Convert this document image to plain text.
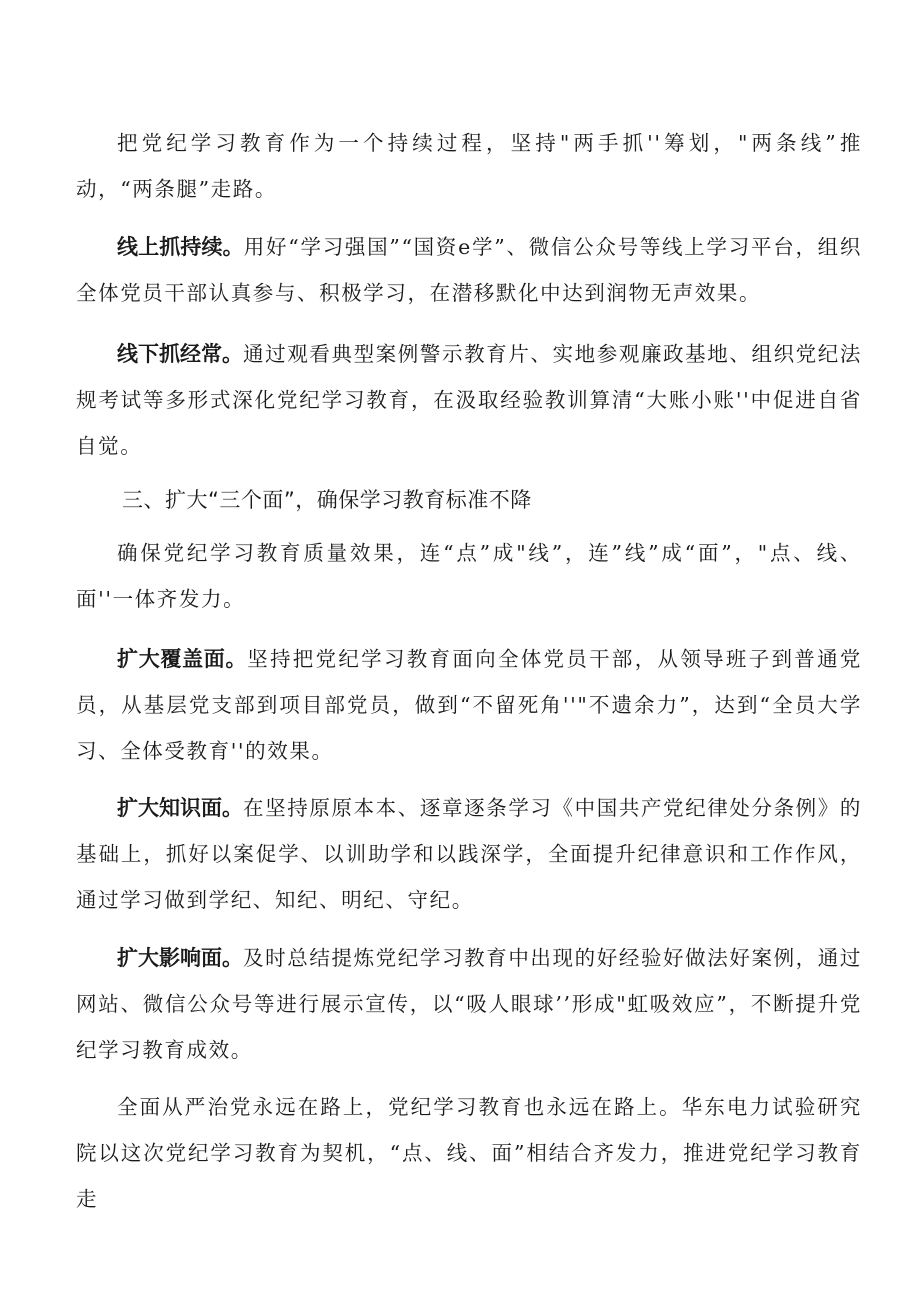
把党纪学习教育作为一个持续过程，坚持"两手抓''筹划，"两条线”推动，“两条腿”走路。

线上抓持续。用好“学习强国”“国资e学”、微信公众号等线上学习平台，组织全体党员干部认真参与、积极学习，在潜移默化中达到润物无声效果。

线下抓经常。通过观看典型案例警示教育片、实地参观廉政基地、组织党纪法规考试等多形式深化党纪学习教育，在汲取经验教训算清“大账小账''中促进自省自觉。

三、扩大“三个面”，确保学习教育标准不降

确保党纪学习教育质量效果，连“点”成"线”，连”线”成“面”，"点、线、面''一体齐发力。

扩大覆盖面。坚持把党纪学习教育面向全体党员干部，从领导班子到普通党员，从基层党支部到项目部党员，做到“不留死角''"不遗余力”，达到“全员大学习、全体受教育''的效果。

扩大知识面。在坚持原原本本、逐章逐条学习《中国共产党纪律处分条例》的基础上，抓好以案促学、以训助学和以践深学，全面提升纪律意识和工作作风，通过学习做到学纪、知纪、明纪、守纪。

扩大影响面。及时总结提炼党纪学习教育中出现的好经验好做法好案例，通过网站、微信公众号等进行展示宣传，以“吸人眼球’’形成"虹吸效应”，不断提升党纪学习教育成效。

全面从严治党永远在路上，党纪学习教育也永远在路上。华东电力试验研究院以这次党纪学习教育为契机，“点、线、面”相结合齐发力，推进党纪学习教育走
